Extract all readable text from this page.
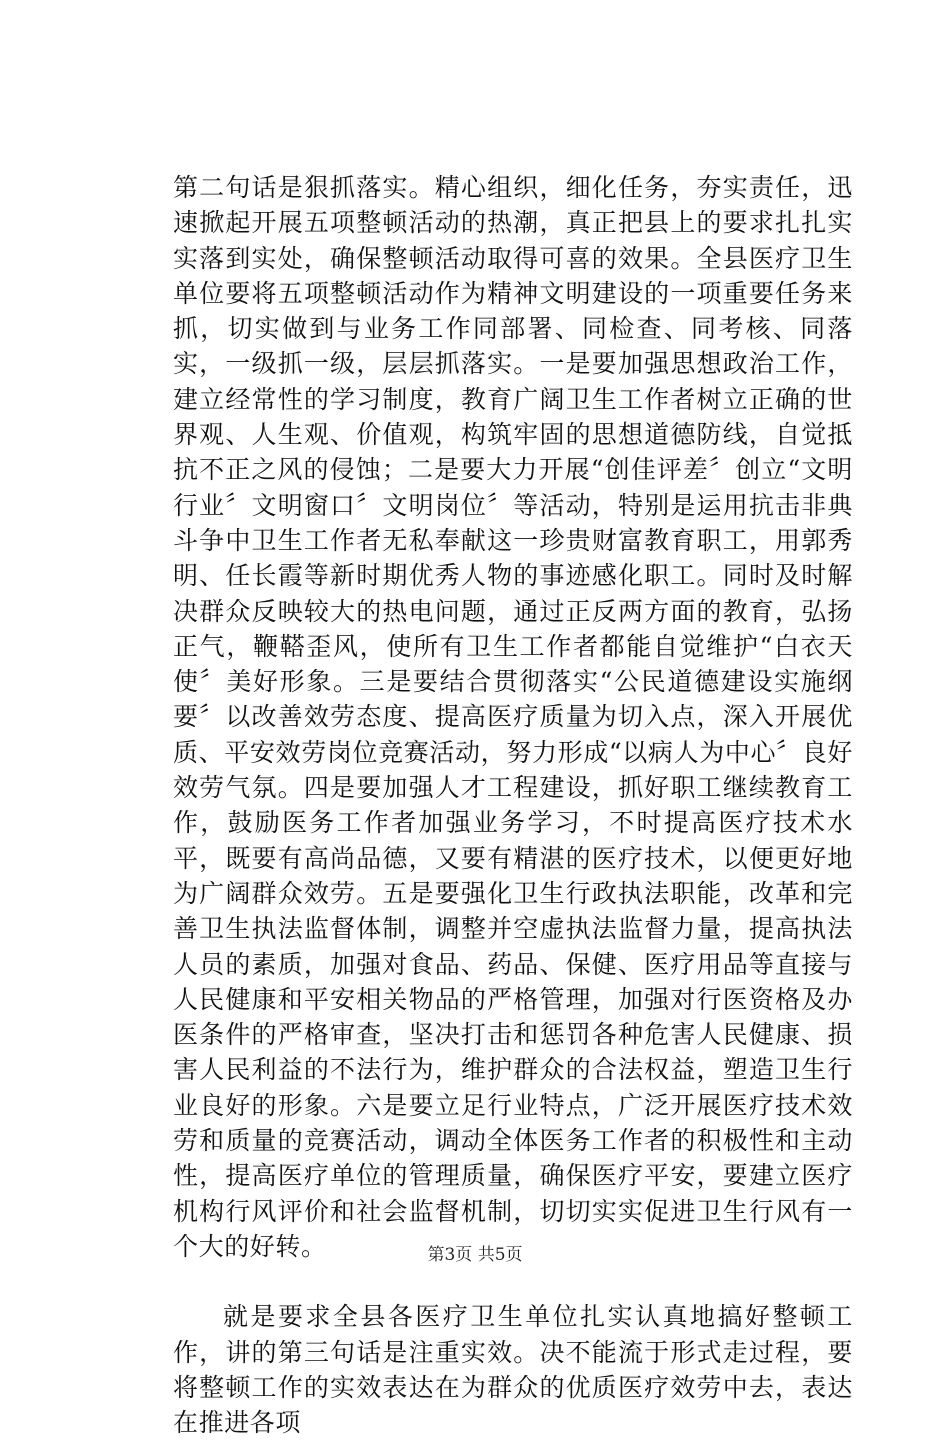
第二句话是狠抓落实。精心组织，细化任务，夯实责任，迅速掀起开展五项整顿活动的热潮，真正把县上的要求扎扎实实落到实处，确保整顿活动取得可喜的效果。全县医疗卫生单位要将五项整顿活动作为精神文明建设的一项重要任务来抓，切实做到与业务工作同部署、同检查、同考核、同落实，一级抓一级，层层抓落实。一是要加强思想政治工作，建立经常性的学习制度，教育广阔卫生工作者树立正确的世界观、人生观、价值观，构筑牢固的思想道德防线，自觉抵抗不正之风的侵蚀；二是要大力开展“创佳评差〞创立“文明行业〞文明窗口〞文明岗位〞等活动，特别是运用抗击非典斗争中卫生工作者无私奉献这一珍贵财富教育职工，用郭秀明、任长霞等新时期优秀人物的事迹感化职工。同时及时解决群众反映较大的热电问题，通过正反两方面的教育，弘扬正气，鞭鞳歪风，使所有卫生工作者都能自觉维护“白衣天使〞美好形象。三是要结合贯彻落实“公民道德建设实施纲要〞以改善效劳态度、提高医疗质量为切入点，深入开展优质、平安效劳岗位竞赛活动，努力形成“以病人为中心〞良好效劳气氛。四是要加强人才工程建设，抓好职工继续教育工作，鼓励医务工作者加强业务学习，不时提高医疗技术水平，既要有高尚品德，又要有精湛的医疗技术，以便更好地为广阔群众效劳。五是要强化卫生行政执法职能，改革和完善卫生执法监督体制，调整并空虚执法监督力量，提高执法人员的素质，加强对食品、药品、保健、医疗用品等直接与人民健康和平安相关物品的严格管理，加强对行医资格及办医条件的严格审查，坚决打击和惩罚各种危害人民健康、损害人民利益的不法行为，维护群众的合法权益，塑造卫生行业良好的形象。六是要立足行业特点，广泛开展医疗技术效劳和质量的竞赛活动，调动全体医务工作者的积极性和主动性，提高医疗单位的管理质量，确保医疗平安，要建立医疗机构行风评价和社会监督机制，切切实实促进卫生行风有一个大的好转。

就是要求全县各医疗卫生单位扎实认真地搞好整顿工作，讲的第三句话是注重实效。决不能流于形式走过程，要将整顿工作的实效表达在为群众的优质医疗效劳中去，表达在推进各项

第3页 共5页
